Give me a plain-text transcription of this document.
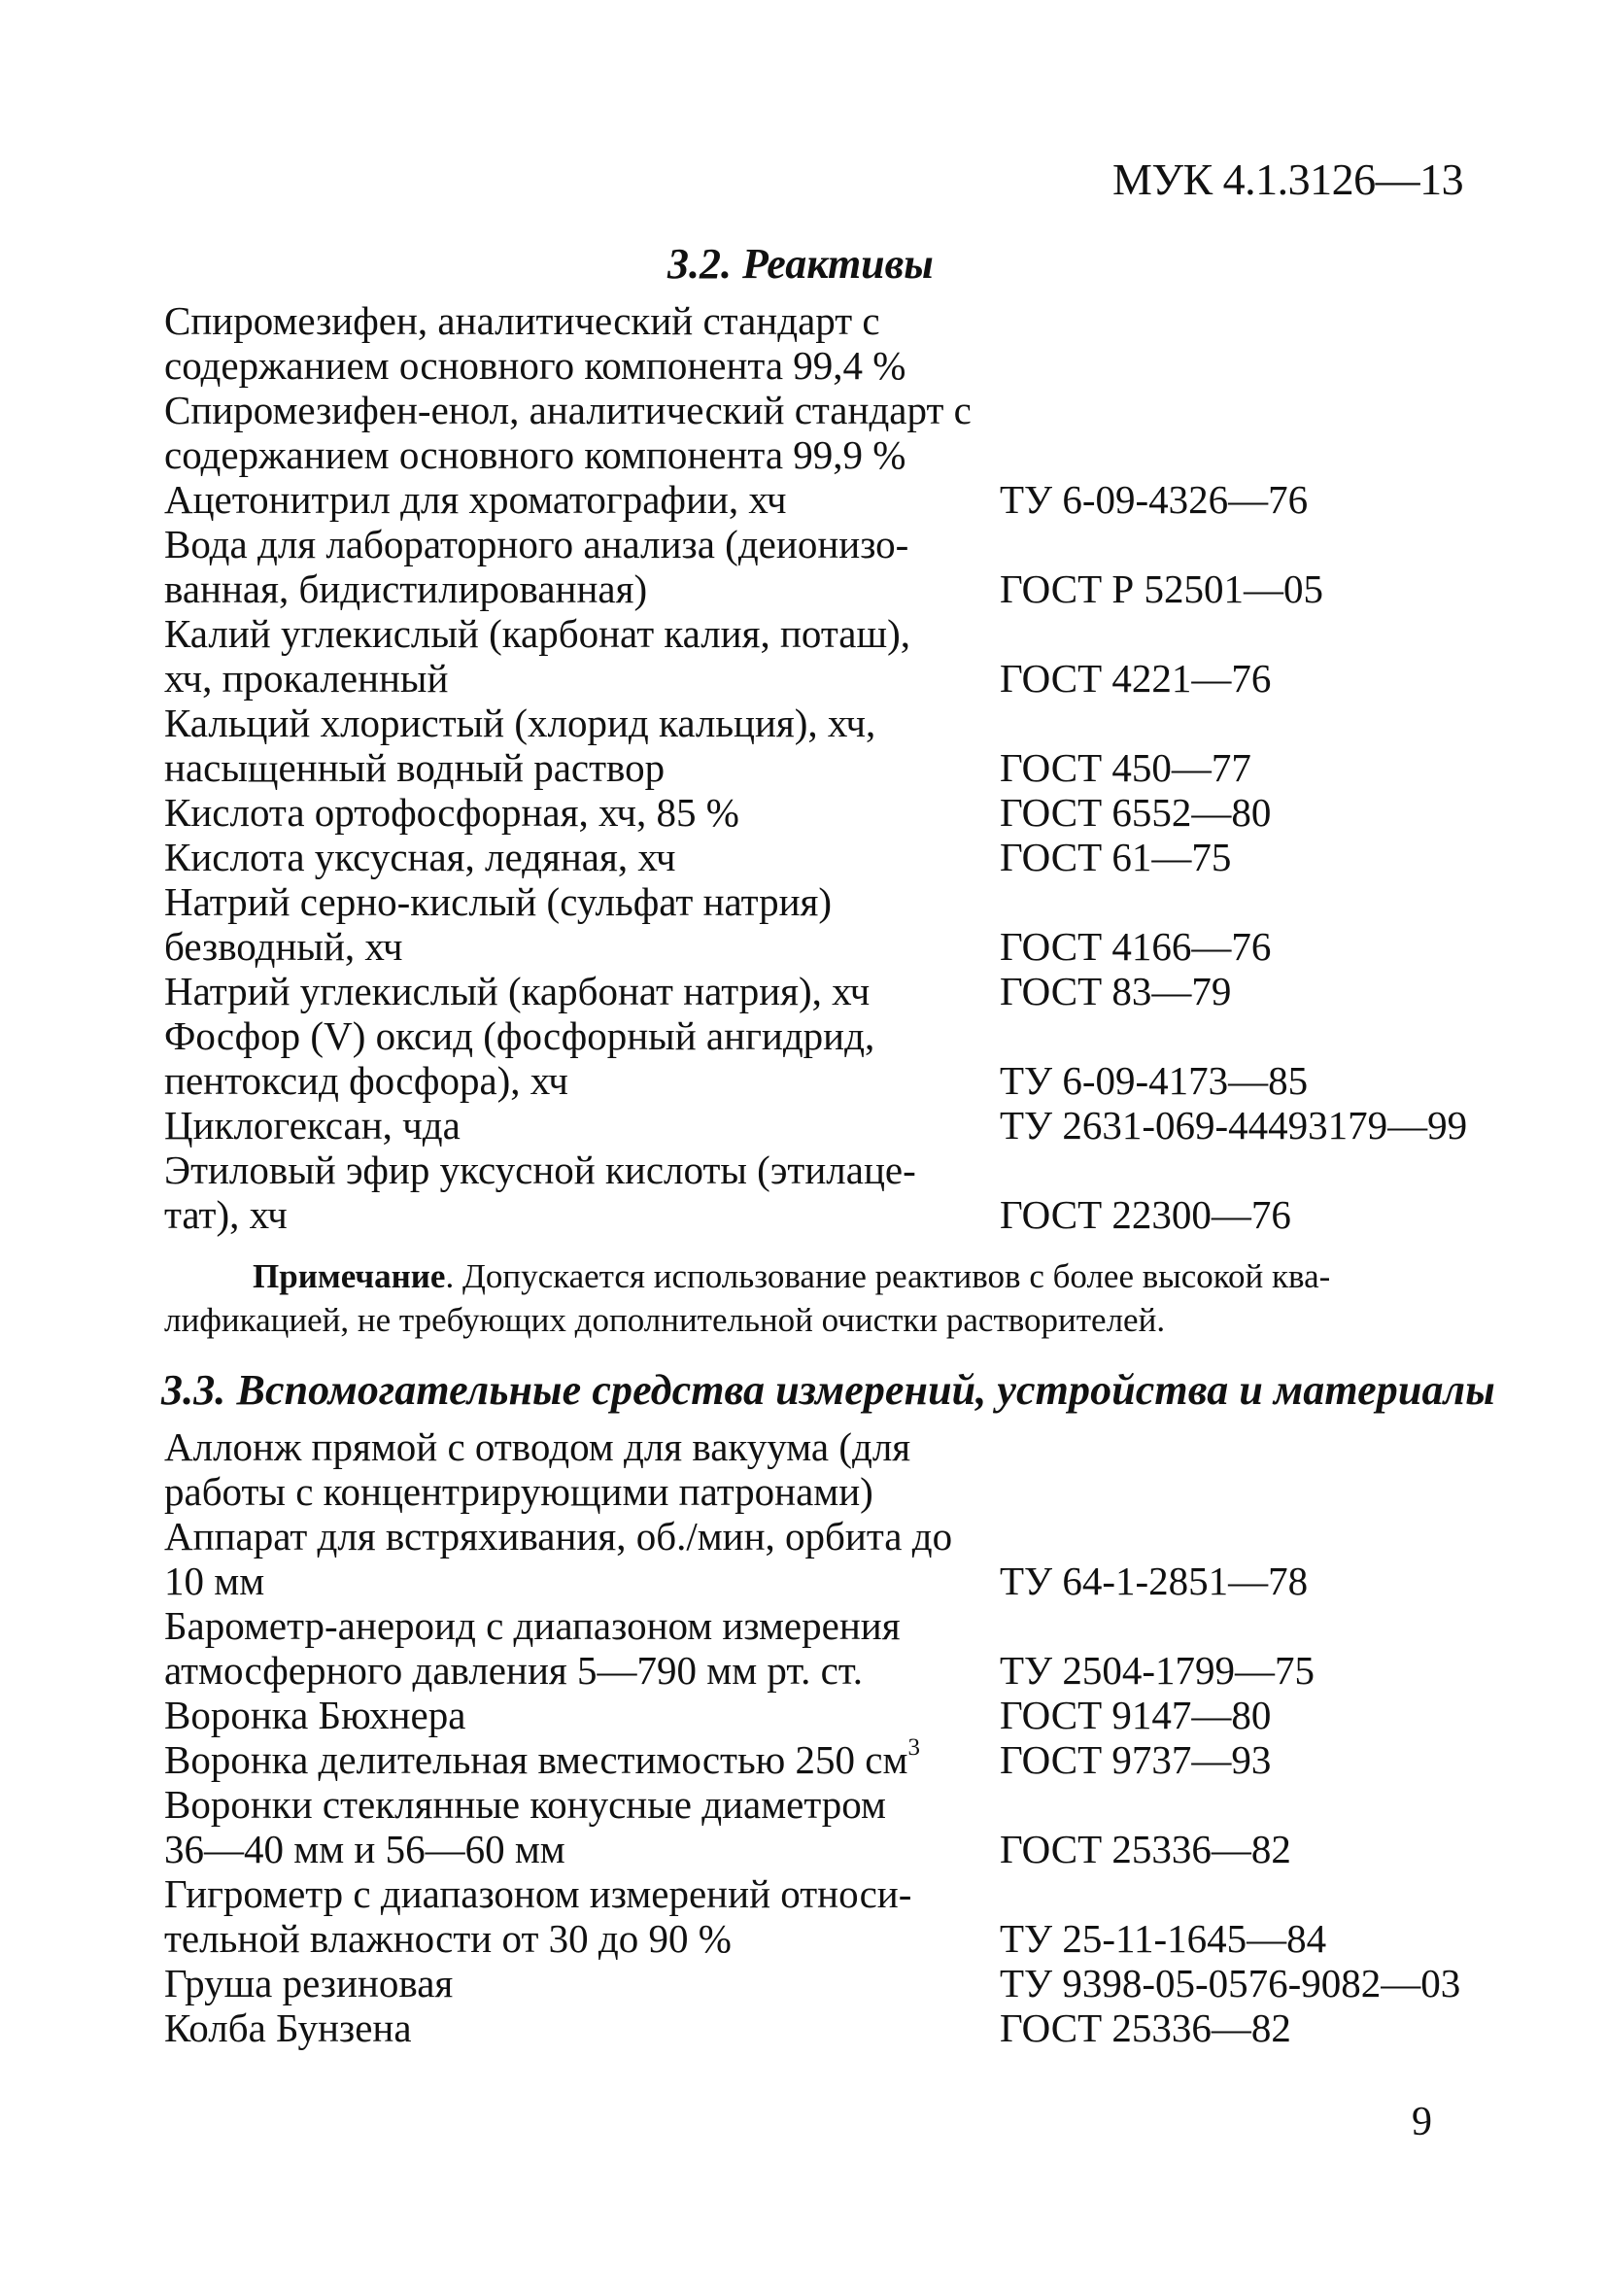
МУК 4.1.3126—13
3.2. Реактивы
Спиромезифен, аналитический стандарт с
содержанием основного компонента 99,4 %
Спиромезифен-енол, аналитический стандарт с
содержанием основного компонента 99,9 %
Ацетонитрил для хроматографии, хч	ТУ 6-09-4326—76
Вода для лабораторного анализа (деионизо-
ванная, бидистилированная)	ГОСТ Р 52501—05
Калий углекислый (карбонат калия, поташ),
хч, прокаленный	ГОСТ 4221—76
Кальций хлористый (хлорид кальция), хч,
насыщенный водный раствор	ГОСТ 450—77
Кислота ортофосфорная, хч, 85 %	ГОСТ 6552—80
Кислота уксусная, ледяная, хч	ГОСТ 61—75
Натрий серно-кислый (сульфат натрия)
безводный, хч	ГОСТ 4166—76
Натрий углекислый (карбонат натрия), хч	ГОСТ 83—79
Фосфор (V) оксид (фосфорный ангидрид,
пентоксид фосфора), хч	ТУ 6-09-4173—85
Циклогексан, чда	ТУ 2631-069-44493179—99
Этиловый эфир уксусной кислоты (этилаце-
тат), хч	ГОСТ 22300—76
Примечание. Допускается использование реактивов с более высокой ква-
лификацией, не требующих дополнительной очистки растворителей.
3.3. Вспомогательные средства измерений, устройства и материалы
Аллонж прямой с отводом для вакуума (для
работы с концентрирующими патронами)
Аппарат для встряхивания, об./мин, орбита до
10 мм	ТУ 64-1-2851—78
Барометр-анероид с диапазоном измерения
атмосферного давления 5—790 мм рт. ст.	ТУ 2504-1799—75
Воронка Бюхнера	ГОСТ 9147—80
Воронка делительная вместимостью 250 $см^3$ ГОСТ 9737—93
Воронки стеклянные конусные диаметром
36—40 мм и 56—60 мм	ГОСТ 25336—82
Гигрометр с диапазоном измерений относи-
тельной влажности от 30 до 90 %	ТУ 25-11-1645—84
Груша резиновая	ТУ 9398-05-0576-9082—03
Колба Бунзена	ГОСТ 25336—82
9
